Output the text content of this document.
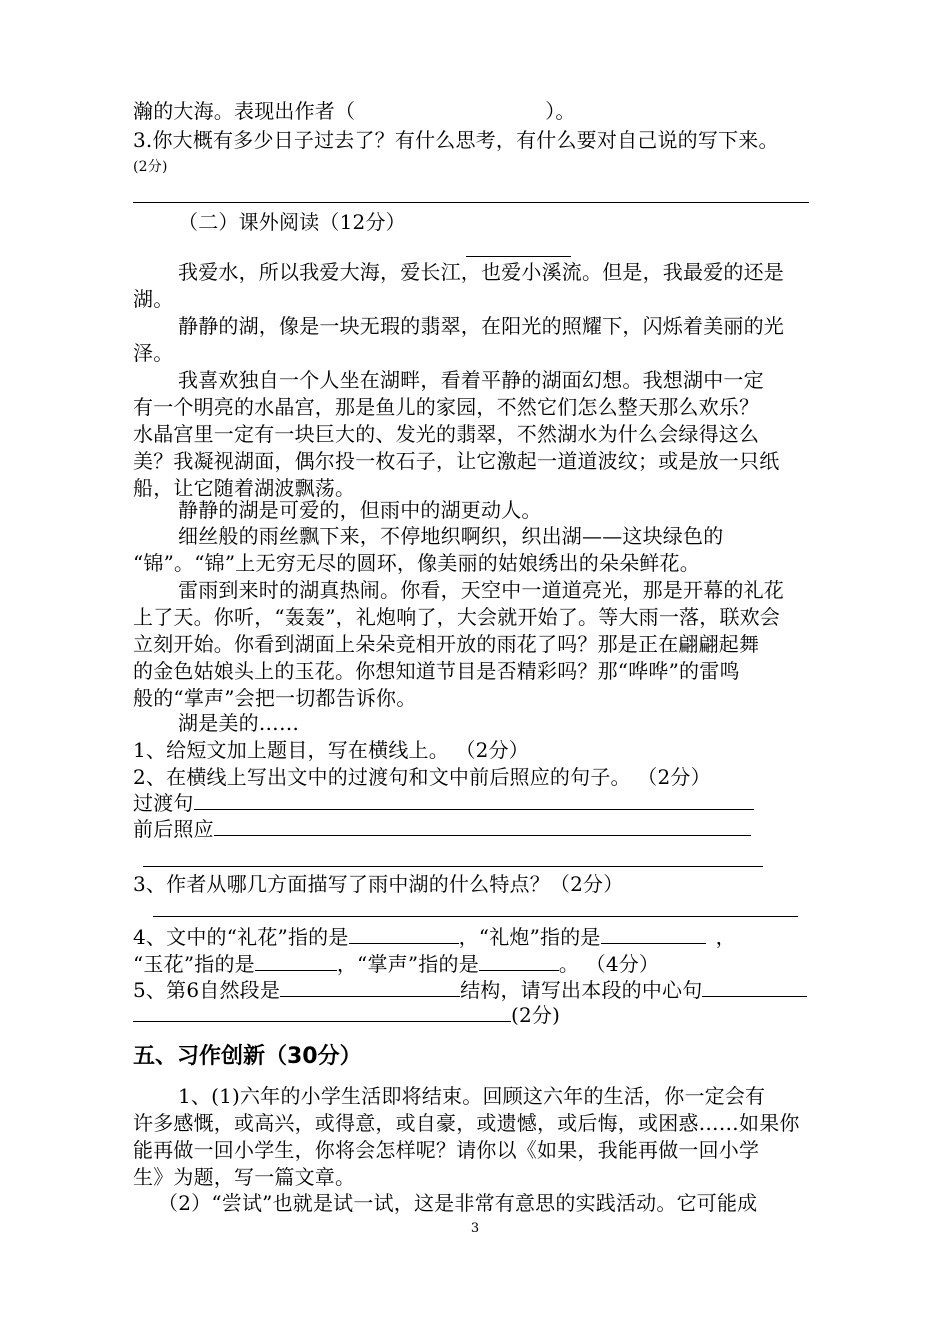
瀚的大海。表现出作者（	）。
3.你大概有多少日子过去了？有什么思考，有什么要对自己说的写下来。
(2分)
（二）课外阅读（12分）
我爱水，所以我爱大海，爱长江，也爱小溪流。但是，我最爱的还是
湖。
静静的湖，像是一块无瑕的翡翠，在阳光的照耀下，闪烁着美丽的光
泽。
我喜欢独自一个人坐在湖畔，看着平静的湖面幻想。我想湖中一定
有一个明亮的水晶宫，那是鱼儿的家园，不然它们怎么整天那么欢乐？
水晶宫里一定有一块巨大的、发光的翡翠，不然湖水为什么会绿得这么
美？我凝视湖面，偶尔投一枚石子，让它激起一道道波纹；或是放一只纸
船，让它随着湖波飘荡。
静静的湖是可爱的，但雨中的湖更动人。
细丝般的雨丝飘下来，不停地织啊织，织出湖——这块绿色的
“锦”。“锦”上无穷无尽的圆环，像美丽的姑娘绣出的朵朵鲜花。
雷雨到来时的湖真热闹。你看，天空中一道道亮光，那是开幕的礼花
上了天。你听，“轰轰”，礼炮响了，大会就开始了。等大雨一落，联欢会
立刻开始。你看到湖面上朵朵竞相开放的雨花了吗？那是正在翩翩起舞
的金色姑娘头上的玉花。你想知道节目是否精彩吗？那“哗哗”的雷鸣
般的“掌声”会把一切都告诉你。
湖是美的……
1、给短文加上题目，写在横线上。 （2分）
2、在横线上写出文中的过渡句和文中前后照应的句子。 （2分）
过渡句
前后照应
3、作者从哪几方面描写了雨中湖的什么特点？（2分）
4、文中的“礼花”指的是	，“礼炮”指的是	，
“玉花”指的是	，“掌声”指的是	。 （4分）
5、第6自然段是	结构，请写出本段的中心句
(2分)
五、习作创新（30分）
1、(1)六年的小学生活即将结束。回顾这六年的生活，你一定会有
许多感慨，或高兴，或得意，或自豪，或遗憾，或后悔，或困惑……如果你
能再做一回小学生，你将会怎样呢？请你以《如果，我能再做一回小学
生》为题，写一篇文章。
（2）“尝试”也就是试一试，这是非常有意思的实践活动。它可能成
3
